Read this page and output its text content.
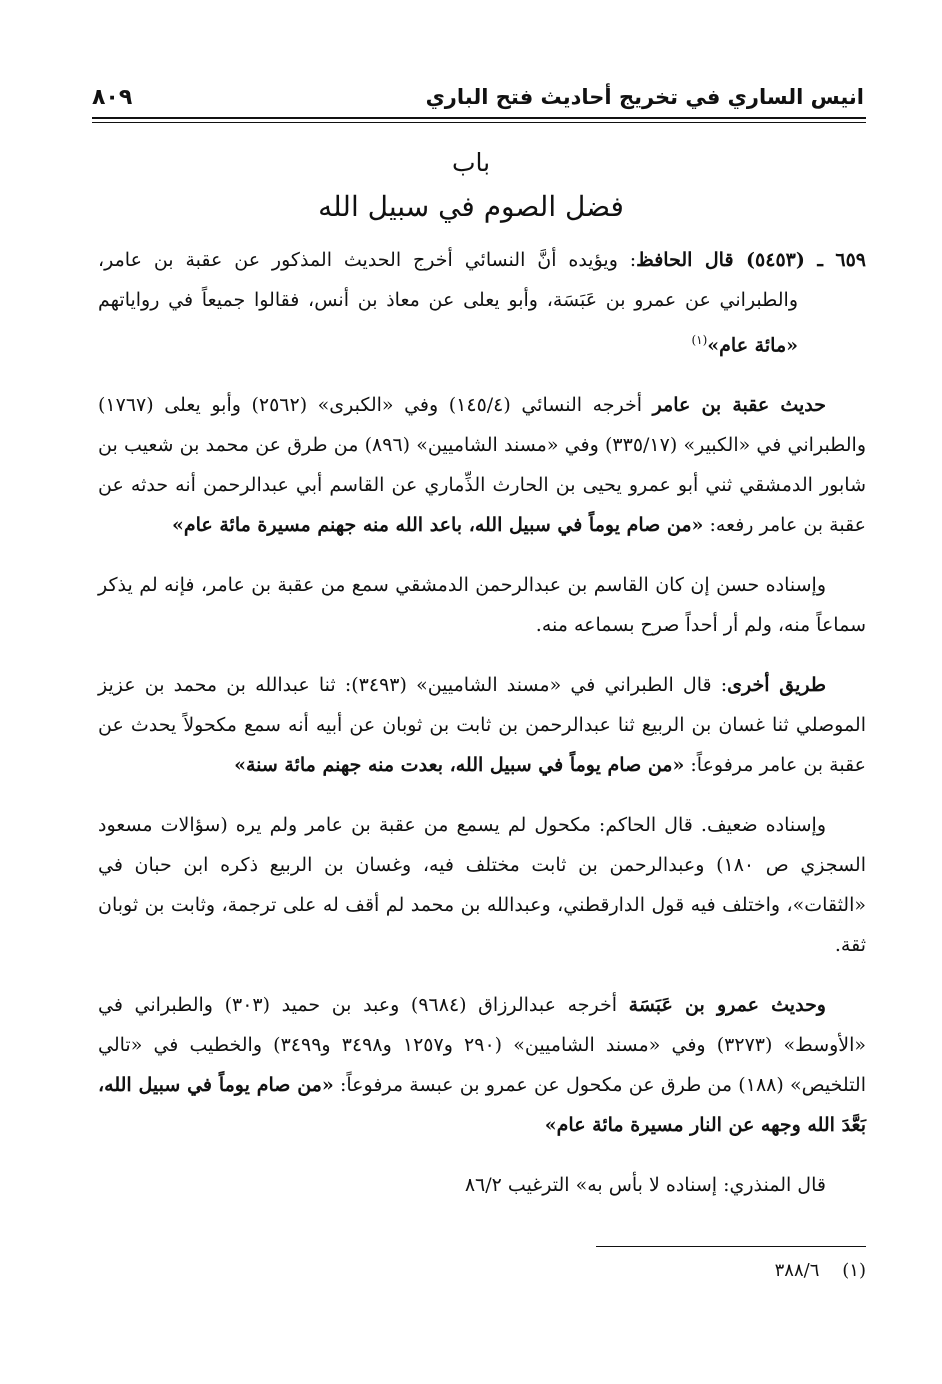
انيس الساري في تخريج أحاديث فتح الباري
٨٠٩
باب
فضل الصوم في سبيل الله

٦٥٩ ـ (٥٤٥٣) قال الحافظ: ويؤيده أنَّ النسائي أخرج الحديث المذكور عن عقبة بن عامر، والطبراني عن عمرو بن عَبَسَة، وأبو يعلى عن معاذ بن أنس، فقالوا جميعاً في رواياتهم «مائة عام»$^{(١)}$

حديث عقبة بن عامر أخرجه النسائي (١٤٥/٤) وفي «الكبرى» (٢٥٦٢) وأبو يعلى (١٧٦٧) والطبراني في «الكبير» (٣٣٥/١٧) وفي «مسند الشاميين» (٨٩٦) من طرق عن محمد بن شعيب بن شابور الدمشقي ثني أبو عمرو يحيى بن الحارث الذِّماري عن القاسم أبي عبدالرحمن أنه حدثه عن عقبة بن عامر رفعه: «من صام يوماً في سبيل الله، باعد الله منه جهنم مسيرة مائة عام»

وإسناده حسن إن كان القاسم بن عبدالرحمن الدمشقي سمع من عقبة بن عامر، فإنه لم يذكر سماعاً منه، ولم أر أحداً صرح بسماعه منه.

طريق أخرى: قال الطبراني في «مسند الشاميين» (٣٤٩٣): ثنا عبدالله بن محمد بن عزيز الموصلي ثنا غسان بن الربيع ثنا عبدالرحمن بن ثابت بن ثوبان عن أبيه أنه سمع مكحولاً يحدث عن عقبة بن عامر مرفوعاً: «من صام يوماً في سبيل الله، بعدت منه جهنم مائة سنة»

وإسناده ضعيف. قال الحاكم: مكحول لم يسمع من عقبة بن عامر ولم يره (سؤالات مسعود السجزي ص ١٨٠) وعبدالرحمن بن ثابت مختلف فيه، وغسان بن الربيع ذكره ابن حبان في «الثقات»، واختلف فيه قول الدارقطني، وعبدالله بن محمد لم أقف له على ترجمة، وثابت بن ثوبان ثقة.

وحديث عمرو بن عَبَسَة أخرجه عبدالرزاق (٩٦٨٤) وعبد بن حميد (٣٠٣) والطبراني في «الأوسط» (٣٢٧٣) وفي «مسند الشاميين» (٢٩٠ و١٢٥٧ و٣٤٩٨ و٣٤٩٩) والخطيب في «تالي التلخيص» (١٨٨) من طرق عن مكحول عن عمرو بن عبسة مرفوعاً: «من صام يوماً في سبيل الله، بَعَّدَ الله وجهه عن النار مسيرة مائة عام»

قال المنذري: إسناده لا بأس به» الترغيب ٨٦/٢

(١)    ٣٨٨/٦
